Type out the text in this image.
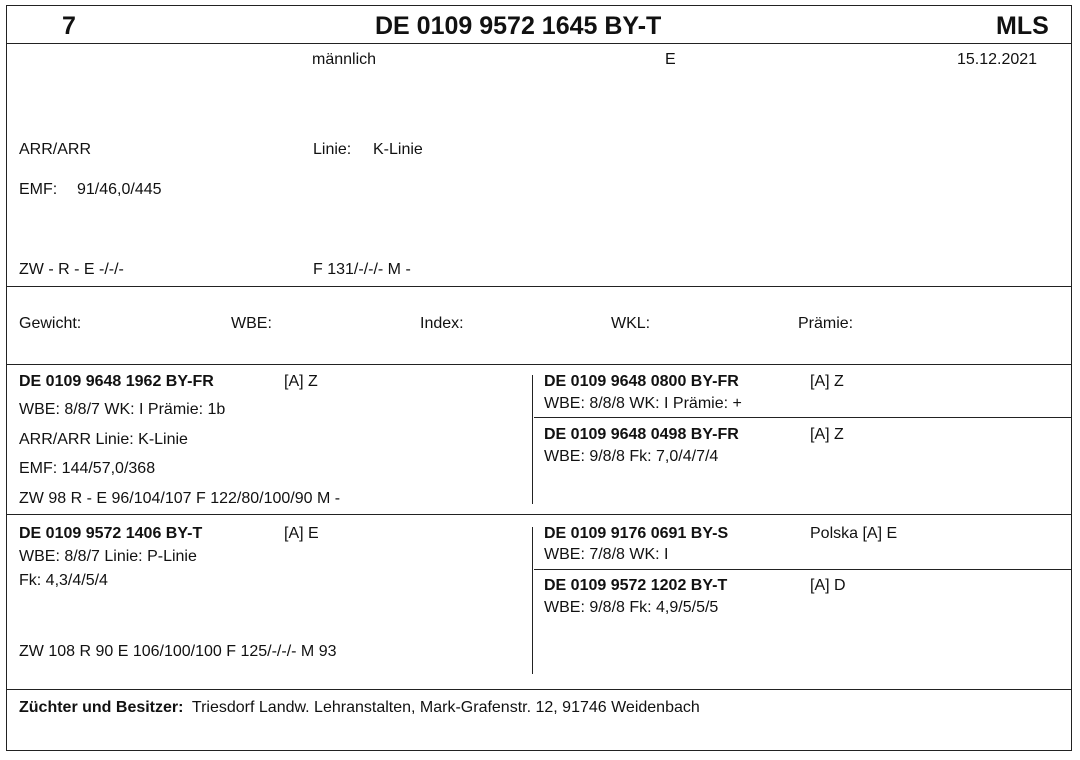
7	DE 0109 9572 1645 BY-T	MLS
männlich	E	15.12.2021
ARR/ARR	Linie: K-Linie
EMF: 91/46,0/445
ZW - R - E -/-/-	F 131/-/-/- M -
Gewicht:	WBE:	Index:	WKL:	Prämie:
DE 0109 9648 1962 BY-FR	[A] Z
WBE: 8/8/7 WK: I Prämie: 1b
ARR/ARR Linie: K-Linie
EMF: 144/57,0/368
ZW 98 R - E 96/104/107 F 122/80/100/90 M -
DE 0109 9648 0800 BY-FR	[A] Z
WBE: 8/8/8 WK: I Prämie: +
DE 0109 9648 0498 BY-FR	[A] Z
WBE: 9/8/8 Fk: 7,0/4/7/4
DE 0109 9572 1406 BY-T	[A] E
WBE: 8/8/7 Linie: P-Linie
Fk: 4,3/4/5/4
ZW 108 R 90 E 106/100/100 F 125/-/-/- M 93
DE 0109 9176 0691 BY-S	Polska [A] E
WBE: 7/8/8 WK: I
DE 0109 9572 1202 BY-T	[A] D
WBE: 9/8/8 Fk: 4,9/5/5/5
Züchter und Besitzer: Triesdorf Landw. Lehranstalten, Mark-Grafenstr. 12, 91746 Weidenbach
